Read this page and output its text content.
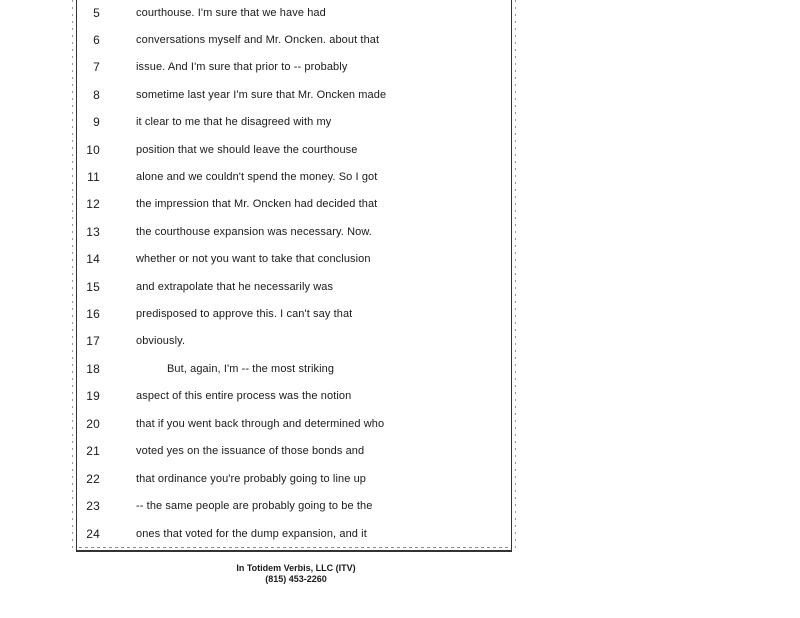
5	courthouse. I'm sure that we have had
6	conversations myself and Mr. Oncken. about that
7	issue. And I'm sure that prior to -- probably
8	sometime last year I'm sure that Mr. Oncken made
9	it clear to me that he disagreed with my
10	position that we should leave the courthouse
11	alone and we couldn't spend the money. So I got
12	the impression that Mr. Oncken had decided that
13	the courthouse expansion was necessary. Now.
14	whether or not you want to take that conclusion
15	and extrapolate that he necessarily was
16	predisposed to approve this. I can't say that
17	obviously.
18	But, again, I'm -- the most striking
19	aspect of this entire process was the notion
20	that if you went back through and determined who
21	voted yes on the issuance of those bonds and
22	that ordinance you're probably going to line up
23	-- the same people are probably going to be the
24	ones that voted for the dump expansion, and it
In Totidem Verbis, LLC (ITV)
(815) 453-2260
